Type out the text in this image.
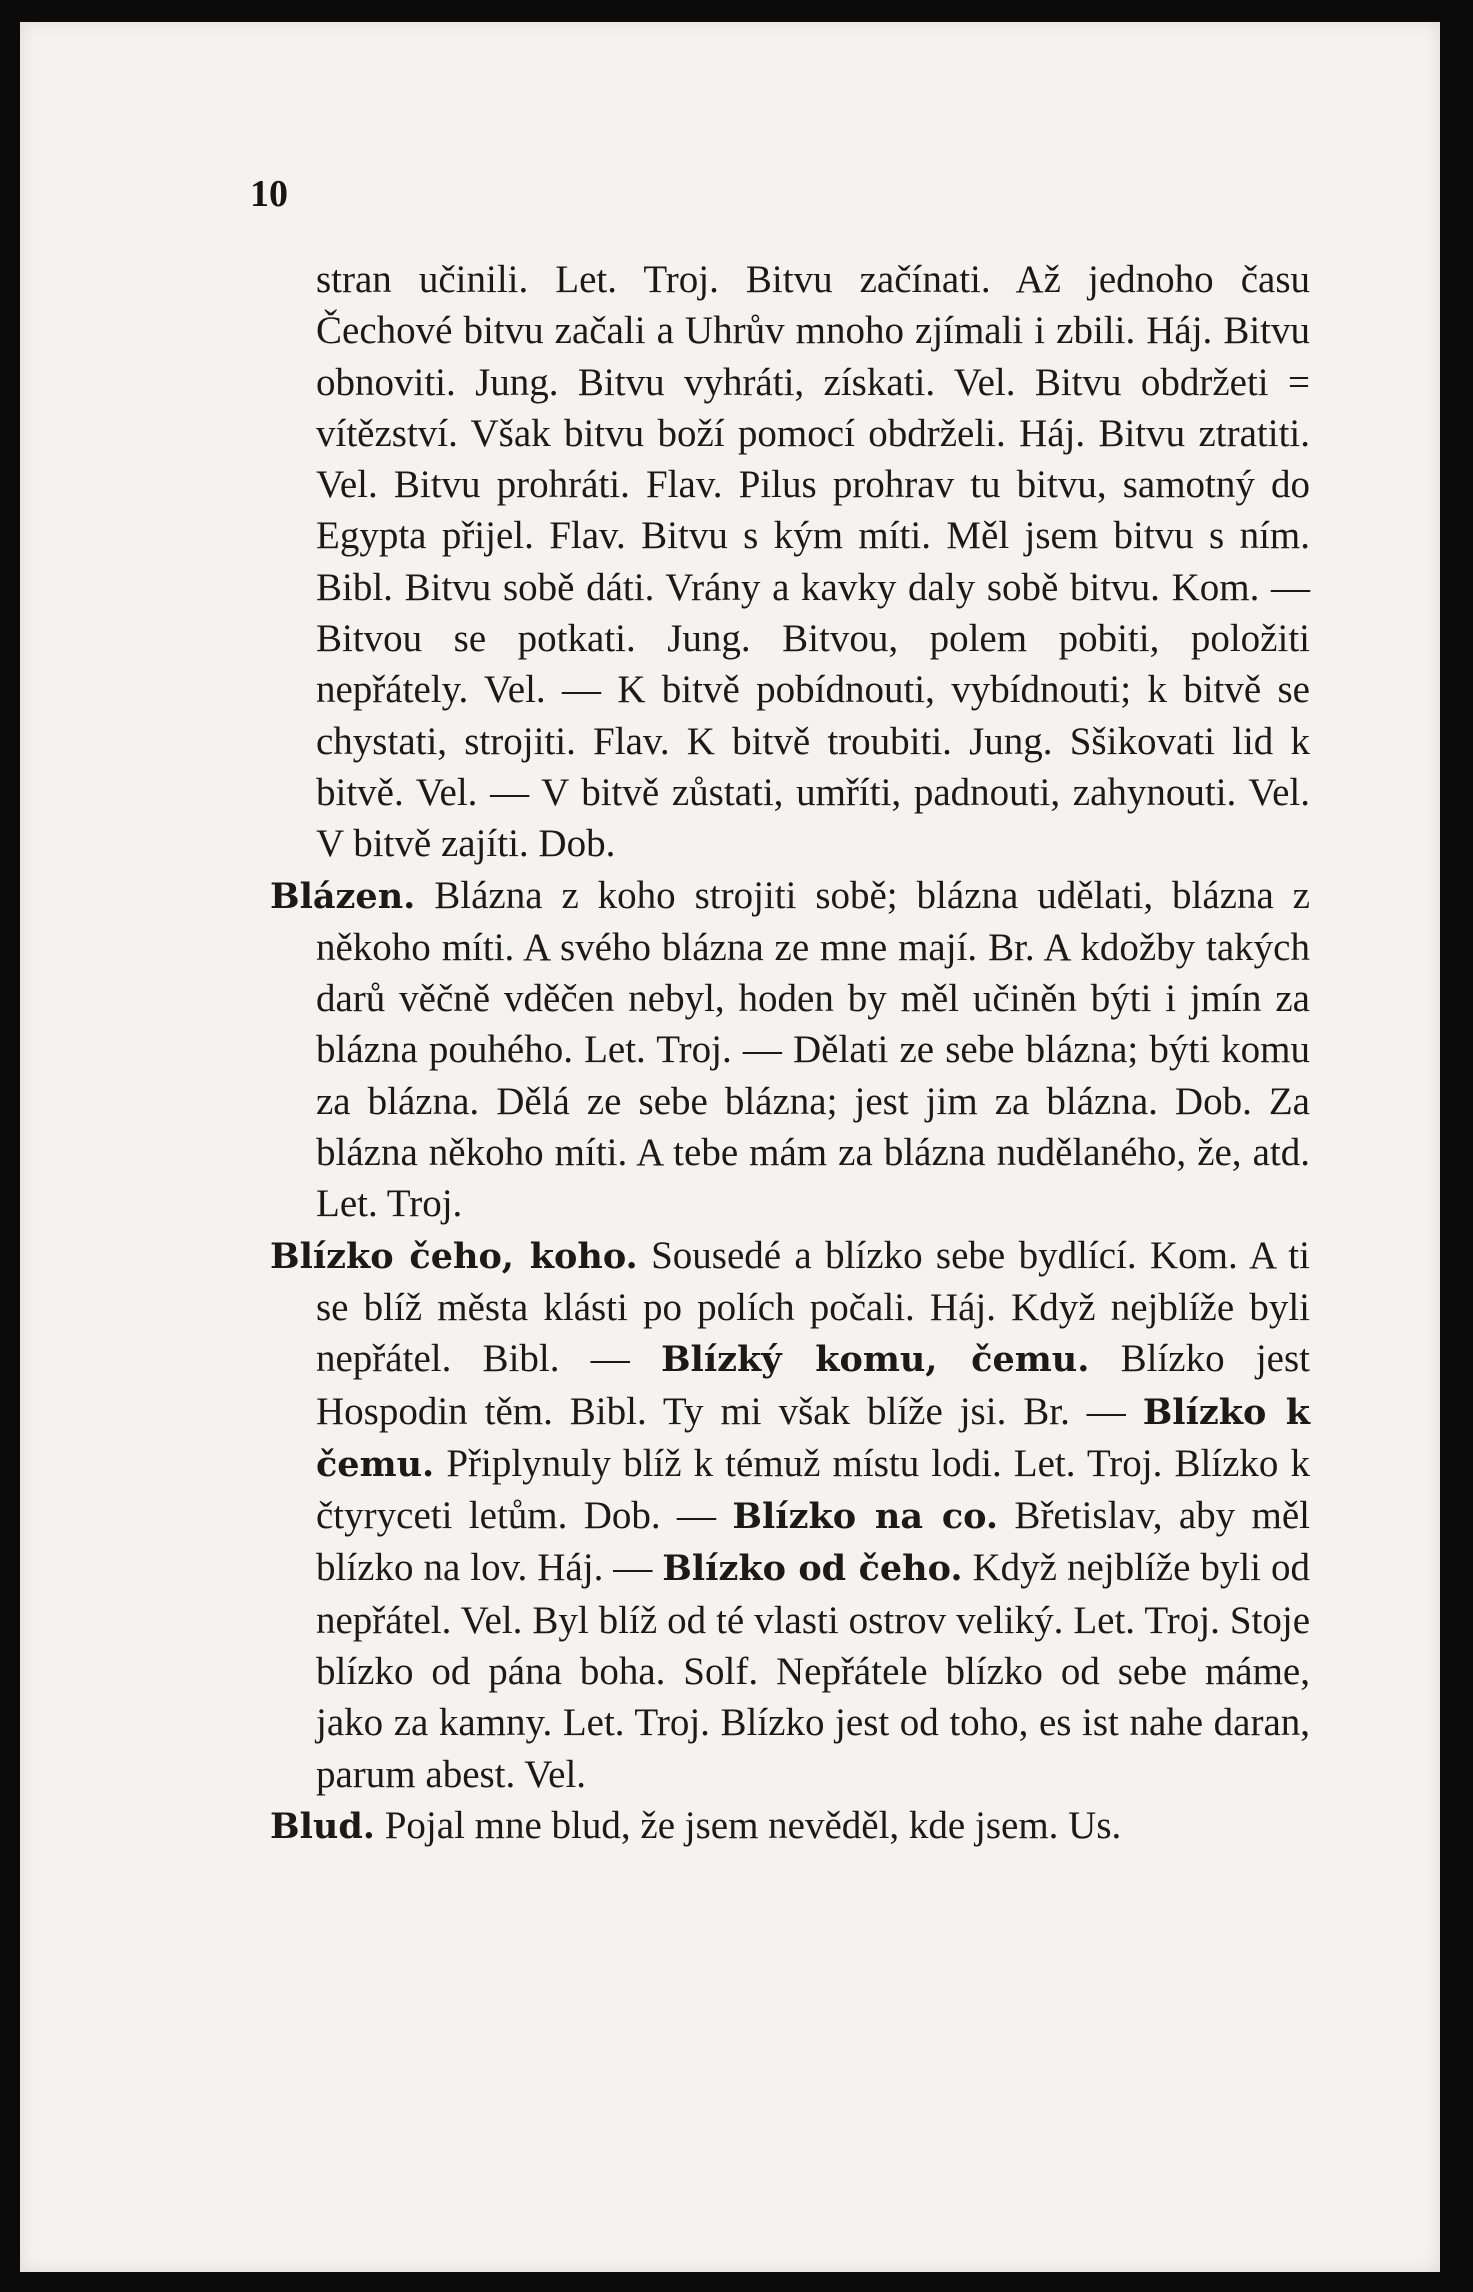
10

stran učinili. Let. Troj. Bitvu začínati. Až jednoho času Čechové bitvu začali a Uhrův mnoho zjímali i zbili. Háj. Bitvu obnoviti. Jung. Bitvu vyhráti, získati. Vel. Bitvu obdržeti = vítězství. Však bitvu boží pomocí obdrželi. Háj. Bitvu ztratiti. Vel. Bitvu prohráti. Flav. Pilus prohrav tu bitvu, samotný do Egypta přijel. Flav. Bitvu s kým míti. Měl jsem bitvu s ním. Bibl. Bitvu sobě dáti. Vrány a kavky daly sobě bitvu. Kom. — Bitvou se potkati. Jung. Bitvou, polem pobiti, položiti nepřátely. Vel. — K bitvě pobídnouti, vybídnouti; k bitvě se chystati, strojiti. Flav. K bitvě troubiti. Jung. Sšikovati lid k bitvě. Vel. — V bitvě zůstati, umříti, padnouti, zahynouti. Vel. V bitvě zajíti. Dob.

Blázen. Blázna z koho strojiti sobě; blázna udělati, blázna z někoho míti. A svého blázna ze mne mají. Br. A kdožby takých darů věčně vděčen nebyl, hoden by měl učiněn býti i jmín za blázna pouhého. Let. Troj. — Dělati ze sebe blázna; býti komu za blázna. Dělá ze sebe blázna; jest jim za blázna. Dob. Za blázna někoho míti. A tebe mám za blázna nudělaného, že, atd. Let. Troj.

Blízko čeho, koho. Sousedé a blízko sebe bydlící. Kom. A ti se blíž města klásti po polích počali. Háj. Když nejblíže byli nepřátel. Bibl. — Blízký komu, čemu. Blízko jest Hospodin těm. Bibl. Ty mi však blíže jsi. Br. — Blízko k čemu. Připlynuly blíž k témuž místu lodi. Let. Troj. Blízko k čtyryceti letům. Dob. — Blízko na co. Břetislav, aby měl blízko na lov. Háj. — Blízko od čeho. Když nejblíže byli od nepřátel. Vel. Byl blíž od té vlasti ostrov veliký. Let. Troj. Stoje blízko od pána boha. Solf. Nepřátele blízko od sebe máme, jako za kamny. Let. Troj. Blízko jest od toho, es ist nahe daran, parum abest. Vel.

Blud. Pojal mne blud, že jsem nevěděl, kde jsem. Us.
